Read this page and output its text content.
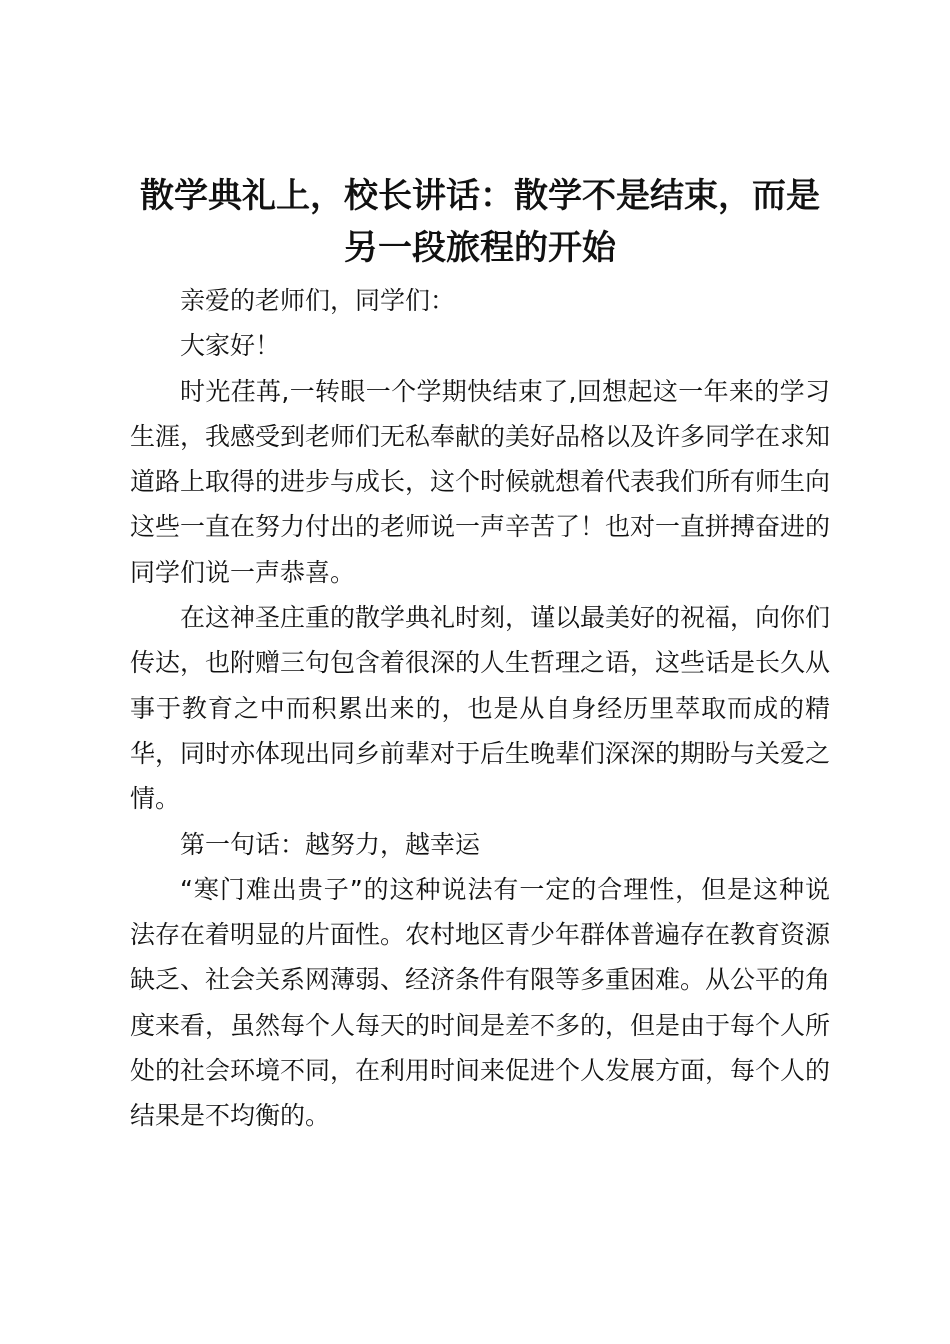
散学典礼上，校长讲话：散学不是结束，而是另一段旅程的开始

亲爱的老师们，同学们：

大家好！

时光荏苒,一转眼一个学期快结束了,回想起这一年来的学习生涯，我感受到老师们无私奉献的美好品格以及许多同学在求知道路上取得的进步与成长，这个时候就想着代表我们所有师生向这些一直在努力付出的老师说一声辛苦了！也对一直拼搏奋进的同学们说一声恭喜。

在这神圣庄重的散学典礼时刻，谨以最美好的祝福，向你们传达，也附赠三句包含着很深的人生哲理之语，这些话是长久从事于教育之中而积累出来的，也是从自身经历里萃取而成的精华，同时亦体现出同乡前辈对于后生晚辈们深深的期盼与关爱之情。

第一句话：越努力，越幸运

“寒门难出贵子”的这种说法有一定的合理性，但是这种说法存在着明显的片面性。农村地区青少年群体普遍存在教育资源缺乏、社会关系网薄弱、经济条件有限等多重困难。从公平的角度来看，虽然每个人每天的时间是差不多的，但是由于每个人所处的社会环境不同，在利用时间来促进个人发展方面，每个人的结果是不均衡的。
